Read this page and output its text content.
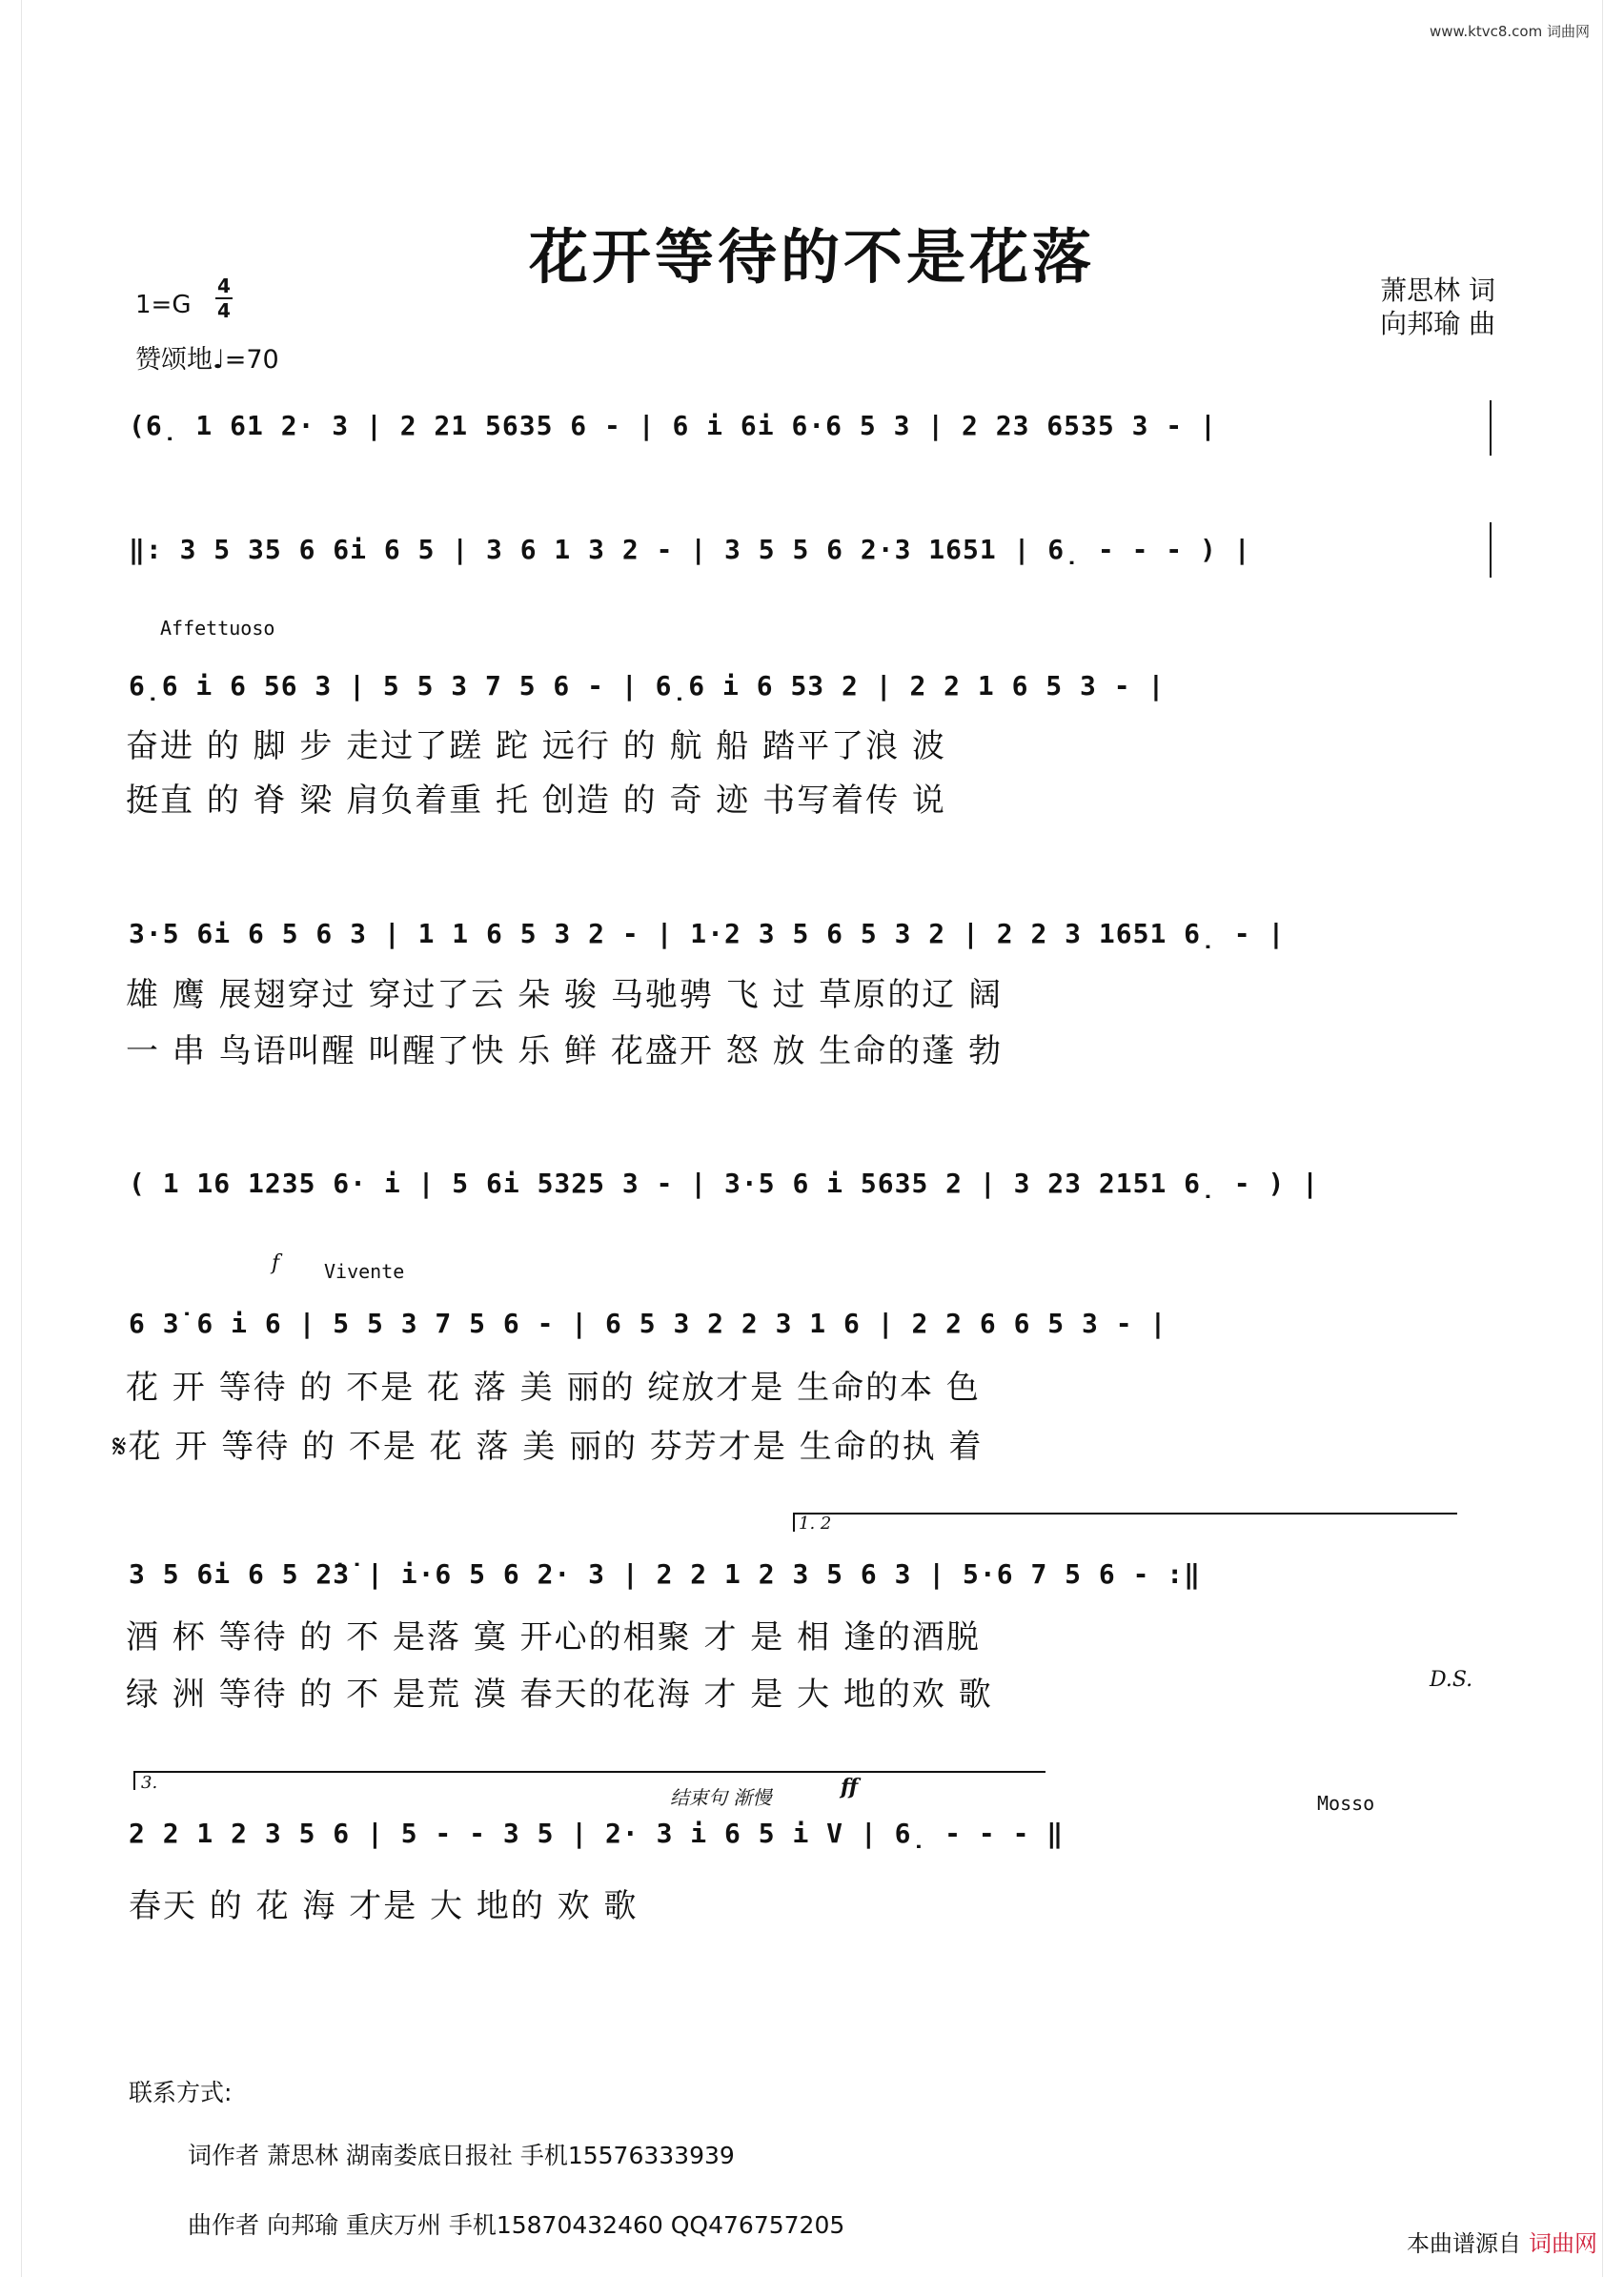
www.ktvc8.com 词曲网
花开等待的不是花落	萧思林 词
向邦瑜 曲
1=G
4
4
赞颂地♩=70
(6̣ 1 61 2· 3 | 2 21 5635 6 - | 6 i 6i 6·6 5 3 | 2 23 6535 3 - |
‖: 3 5 35 6 6i 6 5 | 3 6 1 3 2 - | 3 5 5 6 2·3 1651 | 6̣ - - - ) |
Affettuoso
6̣6 i 6 56 3 | 5 5 3 7 5 6 - | 6̣6 i 6 53 2 | 2 2 1 6 5 3 - |
奋进 的 脚 步 走过了蹉 跎 远行 的 航 船 踏平了浪 波
挺直 的 脊 梁 肩负着重 托 创造 的 奇 迹 书写着传 说
3·5 6i 6 5 6 3 | 1 1 6 5 3 2 - | 1·2 3 5 6 5 3 2 | 2 2 3 1651 6̣ - |
雄 鹰 展翅穿过 穿过了云 朵 骏 马驰骋 飞 过 草原的辽 阔
一 串 鸟语叫醒 叫醒了快 乐 鲜 花盛开 怒 放 生命的蓬 勃
( 1 16 1235 6· i | 5 6i 5325 3 - | 3·5 6 i 5635 2 | 3 23 2151 6̣ - ) |
f Vivente
6 3̇ 6 i 6 | 5 5 3 7 5 6 - | 6 5 3 2 2 3 1 6 | 2 2 6 6 5 3 - |
花 开 等待 的 不是 花 落 美 丽的 绽放才是 生命的本 色
𝄋花 开 等待 的 不是 花 落 美 丽的 芬芳才是 生命的执 着
1. 2
3 5 6i 6 5 2̇3̇ | i·6 5 6 2· 3 | 2 2 1 2 3 5 6 3 | 5·6 7 5 6 - :‖
酒 杯 等待 的 不 是落 寞 开心的相聚 才 是 相 逢的酒脱
绿 洲 等待 的 不 是荒 漠 春天的花海 才 是 大 地的欢 歌	D.S.
3.
结束句 渐慢	ff
Mosso
2 2 1 2 3 5 6 | 5 - - 3 5 | 2· 3 i 6 5 i V | 6̣ - - - ‖
春天 的 花 海 才是 大 地的 欢 歌
联系方式:
词作者 萧思林 湖南娄底日报社 手机15576333939
曲作者 向邦瑜 重庆万州 手机15870432460 QQ476757205
本曲谱源自 词曲网
